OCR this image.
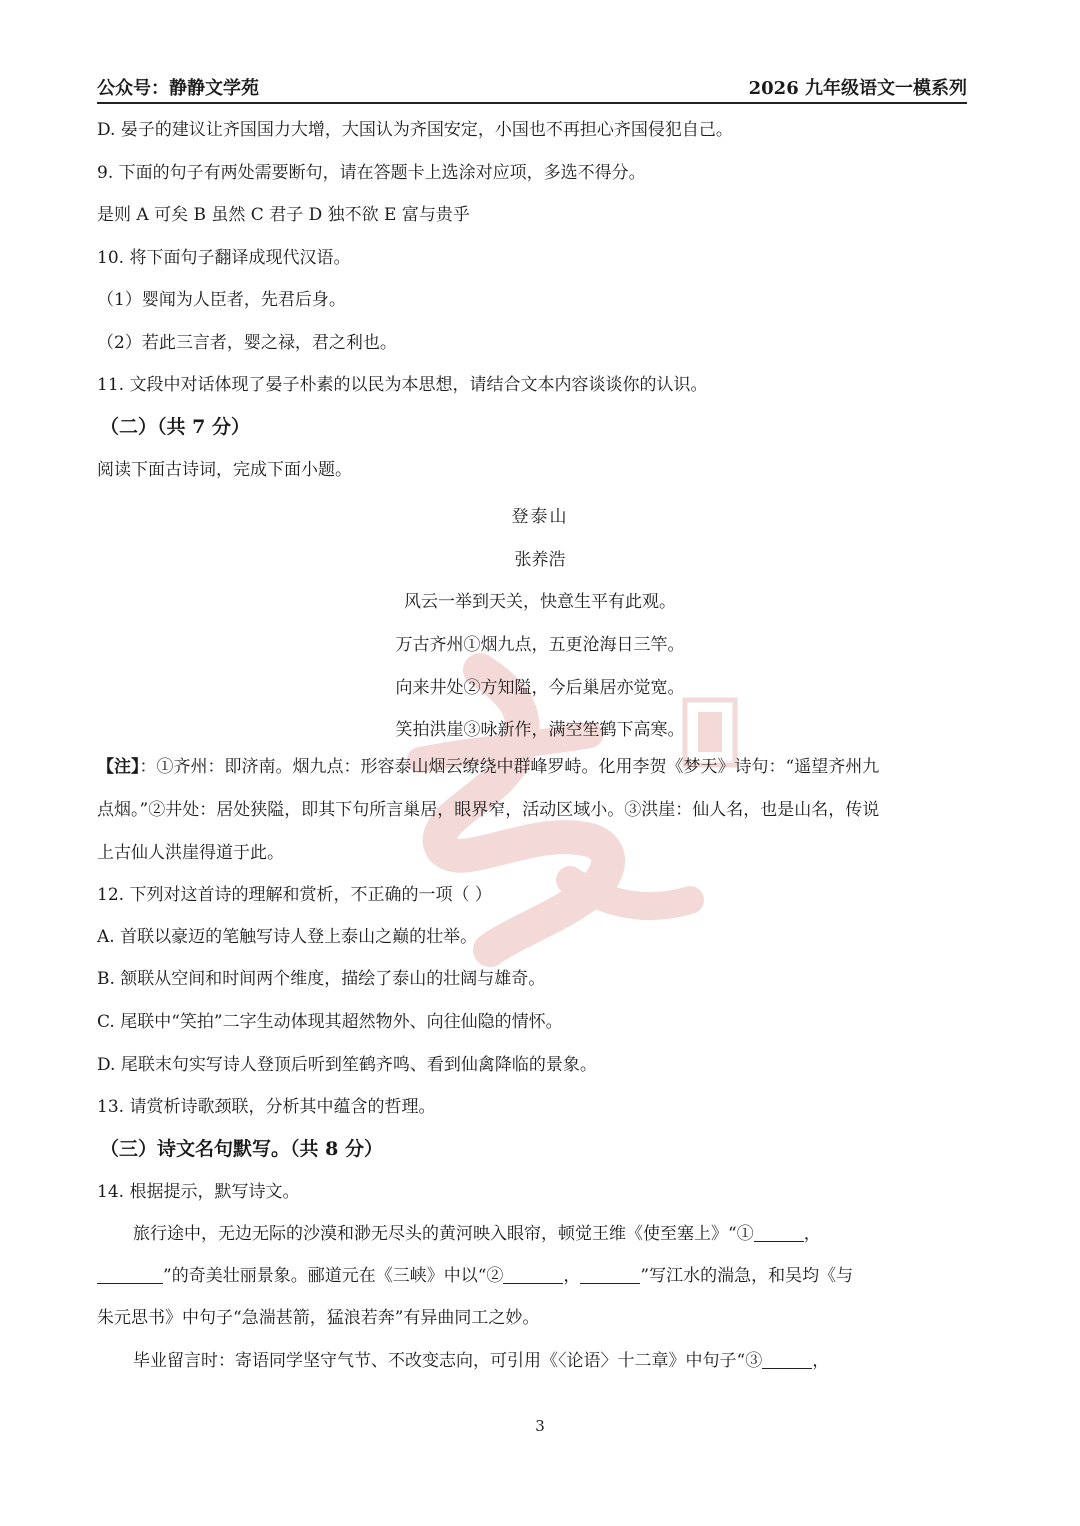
公众号：静静文学苑	2026 九年级语文一模系列
D. 晏子的建议让齐国国力大增，大国认为齐国安定，小国也不再担心齐国侵犯自己。
9. 下面的句子有两处需要断句，请在答题卡上选涂对应项，多选不得分。
是则 A 可矣 B 虽然 C 君子 D 独不欲 E 富与贵乎
10. 将下面句子翻译成现代汉语。
（1）婴闻为人臣者，先君后身。
（2）若此三言者，婴之禄，君之利也。
11. 文段中对话体现了晏子朴素的以民为本思想，请结合文本内容谈谈你的认识。
（二）（共 7 分）
阅读下面古诗词，完成下面小题。
登泰山
张养浩
风云一举到天关，快意生平有此观。
万古齐州①烟九点，五更沧海日三竿。
向来井处②方知隘，今后巢居亦觉宽。
笑拍洪崖③咏新作，满空笙鹤下高寒。
【注】：①齐州：即济南。烟九点：形容泰山烟云缭绕中群峰罗峙。化用李贺《梦天》诗句：“遥望齐州九
点烟。”②井处：居处狭隘，即其下句所言巢居，眼界窄，活动区域小。③洪崖：仙人名，也是山名，传说
上古仙人洪崖得道于此。
12. 下列对这首诗的理解和赏析，不正确的一项（ ）
A. 首联以豪迈的笔触写诗人登上泰山之巅的壮举。
B. 颔联从空间和时间两个维度，描绘了泰山的壮阔与雄奇。
C. 尾联中“笑拍”二字生动体现其超然物外、向往仙隐的情怀。
D. 尾联末句实写诗人登顶后听到笙鹤齐鸣、看到仙禽降临的景象。
13. 请赏析诗歌颈联，分析其中蕴含的哲理。
（三）诗文名句默写。（共 8 分）
14. 根据提示，默写诗文。
旅行途中，无边无际的沙漠和渺无尽头的黄河映入眼帘，顿觉王维《使至塞上》“①	，
”的奇美壮丽景象。郦道元在《三峡》中以“②	，	”写江水的湍急，和吴均《与
朱元思书》中句子“急湍甚箭，猛浪若奔”有异曲同工之妙。
毕业留言时：寄语同学坚守气节、不改变志向，可引用《〈论语〉十二章》中句子“③	，
3
